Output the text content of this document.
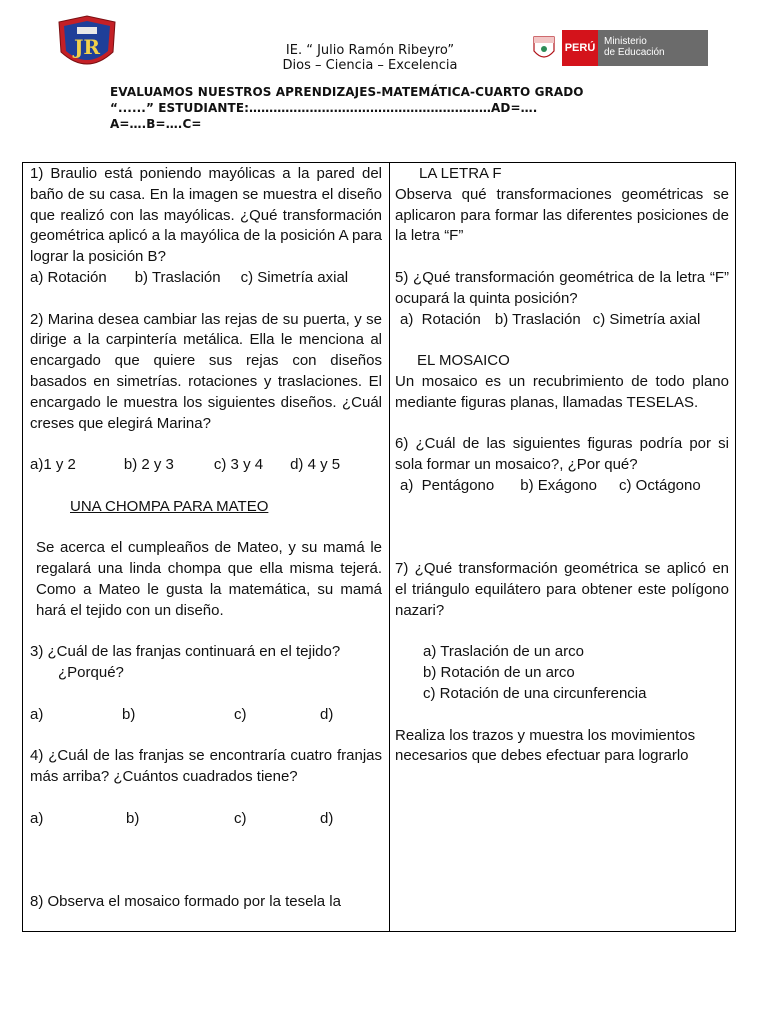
JR	IE. “ Julio Ramón Ribeyro”
Dios – Ciencia – Excelencia
PERÚ
Ministerio
de Educación
EVALUAMOS NUESTROS APRENDIZAJES-MATEMÁTICA-CUARTO GRADO
“......” ESTUDIANTE:……………………………………………………AD=….
A=….B=….C=

1) Braulio está poniendo mayólicas a la pared del baño de su casa. En la imagen se muestra el diseño que realizó con las mayólicas. ¿Qué transformación geométrica aplicó a la mayólica de la posición A para lograr la posición B?

a) Rotación b) Traslación c) Simetría axial

2) Marina desea cambiar las rejas de su puerta, y se dirige a la carpintería metálica. Ella le menciona al encargado que quiere sus rejas con diseños basados en simetrías. rotaciones y traslaciones. El encargado le muestra los siguientes diseños. ¿Cuál creses que elegirá Marina?

a)1 y 2	b) 2 y 3	c) 3 y 4 d) 4 y 5

UNA CHOMPA PARA MATEO

Se acerca el cumpleaños de Mateo, y su mamá le regalará una linda chompa que ella misma tejerá. Como a Mateo le gusta la matemática, su mamá hará el tejido con un diseño.

3) ¿Cuál de las franjas continuará en el tejido?

¿Porqué?

a)	b)	c)	d)

4) ¿Cuál de las franjas se encontraría cuatro franjas más arriba? ¿Cuántos cuadrados tiene?

a)	b)	c)	d)

8) Observa el mosaico formado por la tesela la

LA LETRA F

Observa qué transformaciones geométricas se aplicaron para formar las diferentes posiciones de la letra “F”

5) ¿Qué transformación geométrica de la letra “F” ocupará la quinta posición?

a)  Rotación b) Traslación c) Simetría axial

EL MOSAICO

Un mosaico es un recubrimiento de todo plano mediante figuras planas, llamadas TESELAS.

6) ¿Cuál de las siguientes figuras podría por si sola formar un mosaico?, ¿Por qué?

a)  Pentágono b) Exágono c) Octágono

7) ¿Qué transformación geométrica se aplicó en el triángulo equilátero para obtener este polígono nazari?

a) Traslación de un arco

b) Rotación de un arco

c) Rotación de una circunferencia

Realiza los trazos y muestra los movimientos necesarios que debes efectuar para lograrlo
